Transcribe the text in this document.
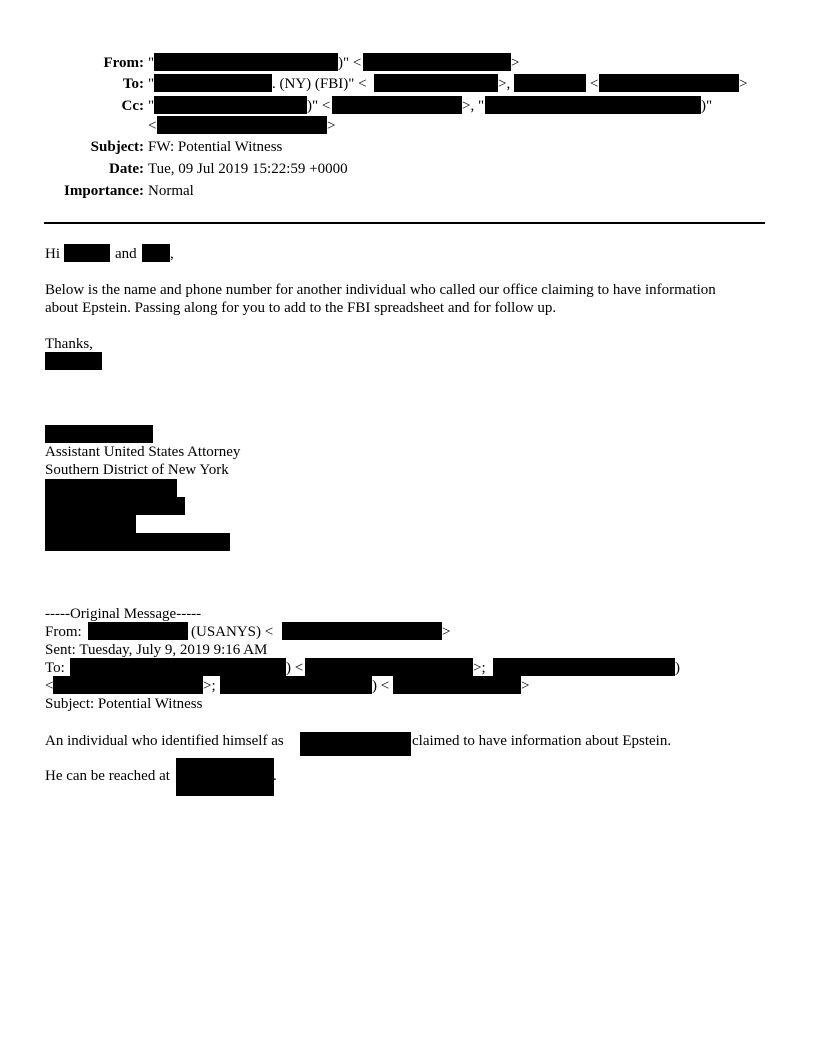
From: "	)" <	>
To: "	. (NY) (FBI)" <	>,	<	>
Cc: "	)" <	>, "	)"
<	>
Subject: FW: Potential Witness
Date: Tue, 09 Jul 2019 15:22:59 +0000
Importance: Normal
Hi	and ,
Below is the name and phone number for another individual who called our office claiming to have information
about Epstein. Passing along for you to add to the FBI spreadsheet and for follow up.
Thanks,
Assistant United States Attorney
Southern District of New York
-----Original Message-----
From:	(USANYS) <	>
Sent: Tuesday, July 9, 2019 9:16 AM
To:	) <	>;	)
<	>;	) <	>
Subject: Potential Witness
An individual who identified himself as	claimed to have information about Epstein.
He can be reached at	.
